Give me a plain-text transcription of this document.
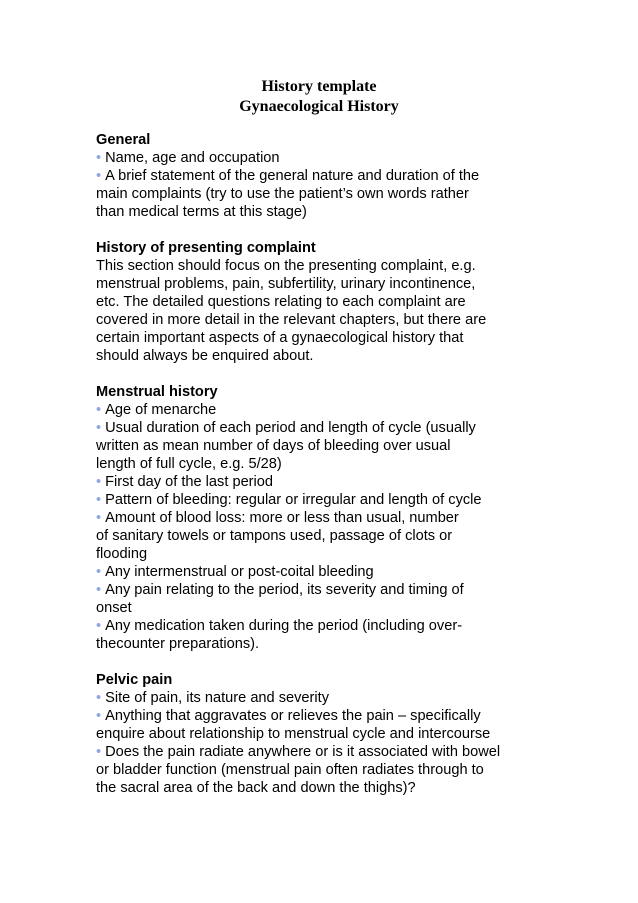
History template
Gynaecological History
General
• Name, age and occupation
• A brief statement of the general nature and duration of the
main complaints (try to use the patient’s own words rather
than medical terms at this stage)
History of presenting complaint
This section should focus on the presenting complaint, e.g.
menstrual problems, pain, subfertility, urinary incontinence,
etc. The detailed questions relating to each complaint are
covered in more detail in the relevant chapters, but there are
certain important aspects of a gynaecological history that
should always be enquired about.
Menstrual history
• Age of menarche
• Usual duration of each period and length of cycle (usually
written as mean number of days of bleeding over usual
length of full cycle, e.g. 5/28)
• First day of the last period
• Pattern of bleeding: regular or irregular and length of cycle
• Amount of blood loss: more or less than usual, number
of sanitary towels or tampons used, passage of clots or
flooding
• Any intermenstrual or post-coital bleeding
• Any pain relating to the period, its severity and timing of
onset
• Any medication taken during the period (including over-
thecounter preparations).
Pelvic pain
• Site of pain, its nature and severity
• Anything that aggravates or relieves the pain – specifically
enquire about relationship to menstrual cycle and intercourse
• Does the pain radiate anywhere or is it associated with bowel
or bladder function (menstrual pain often radiates through to
the sacral area of the back and down the thighs)?
